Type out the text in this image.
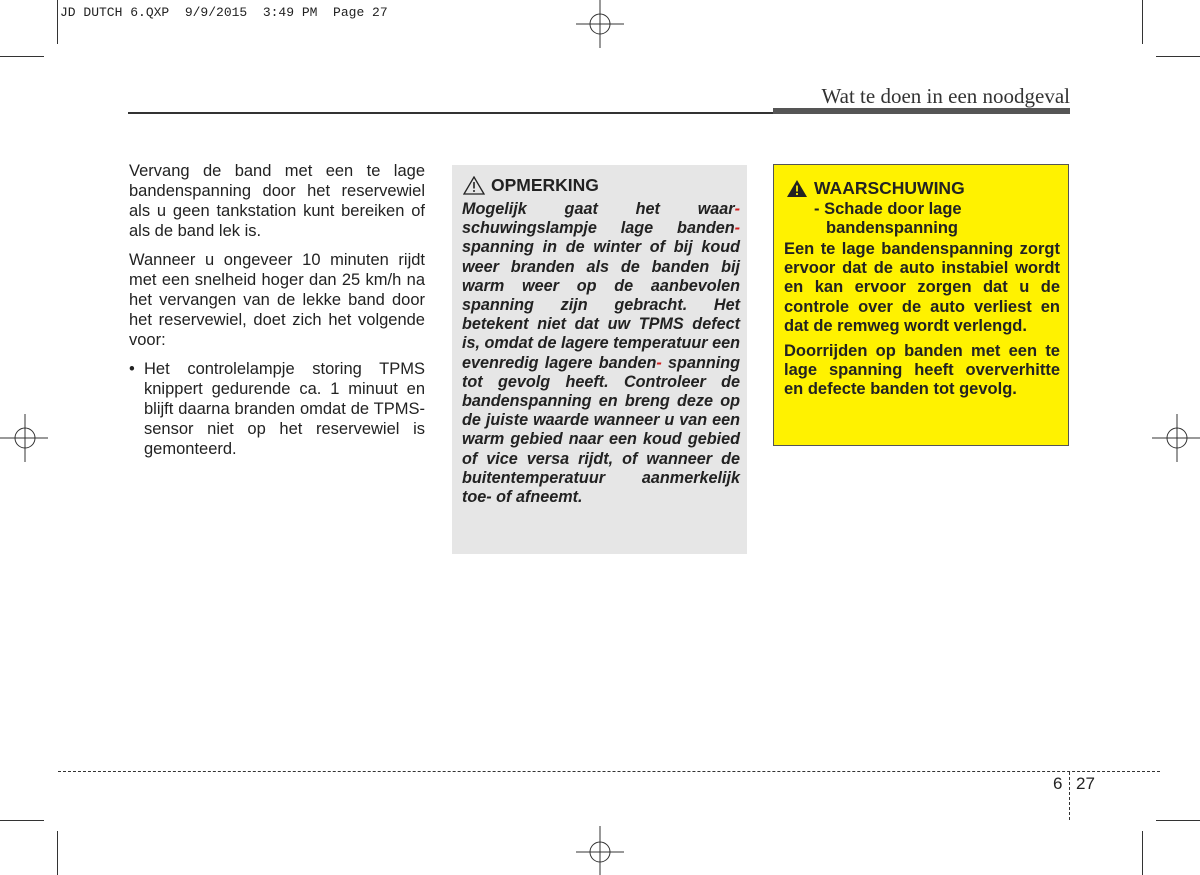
JD DUTCH 6.QXP  9/9/2015  3:49 PM  Page 27
Wat te doen in een noodgeval

Vervang de band met een te lage bandenspanning door het reservewiel als u geen tankstation kunt bereiken of als de band lek is.

Wanneer u ongeveer 10 minuten rijdt met een snelheid hoger dan 25 km/h na het vervangen van de lekke band door het reservewiel, doet zich het volgende voor:

• Het controlelampje storing TPMS knippert gedurende ca. 1 minuut en blijft daarna branden omdat de TPMS-sensor niet op het reservewiel is gemonteerd.
OPMERKING

Mogelijk gaat het waar- schuwingslampje lage banden- spanning in de winter of bij koud weer branden als de banden bij warm weer op de aanbevolen spanning zijn gebracht. Het betekent niet dat uw TPMS defect is, omdat de lagere temperatuur een evenredig lagere banden- spanning tot gevolg heeft. Controleer de bandenspanning en breng deze op de juiste waarde wanneer u van een warm gebied naar een koud gebied of vice versa rijdt, of wanneer de buitentemperatuur aanmerkelijk toe- of afneemt.

WAARSCHUWING
- Schade door lage
bandenspanning

Een te lage bandenspanning zorgt ervoor dat de auto instabiel wordt en kan ervoor zorgen dat u de controle over de auto verliest en dat de remweg wordt verlengd.

Doorrijden op banden met een te lage spanning heeft oververhitte en defecte banden tot gevolg.

6 27
